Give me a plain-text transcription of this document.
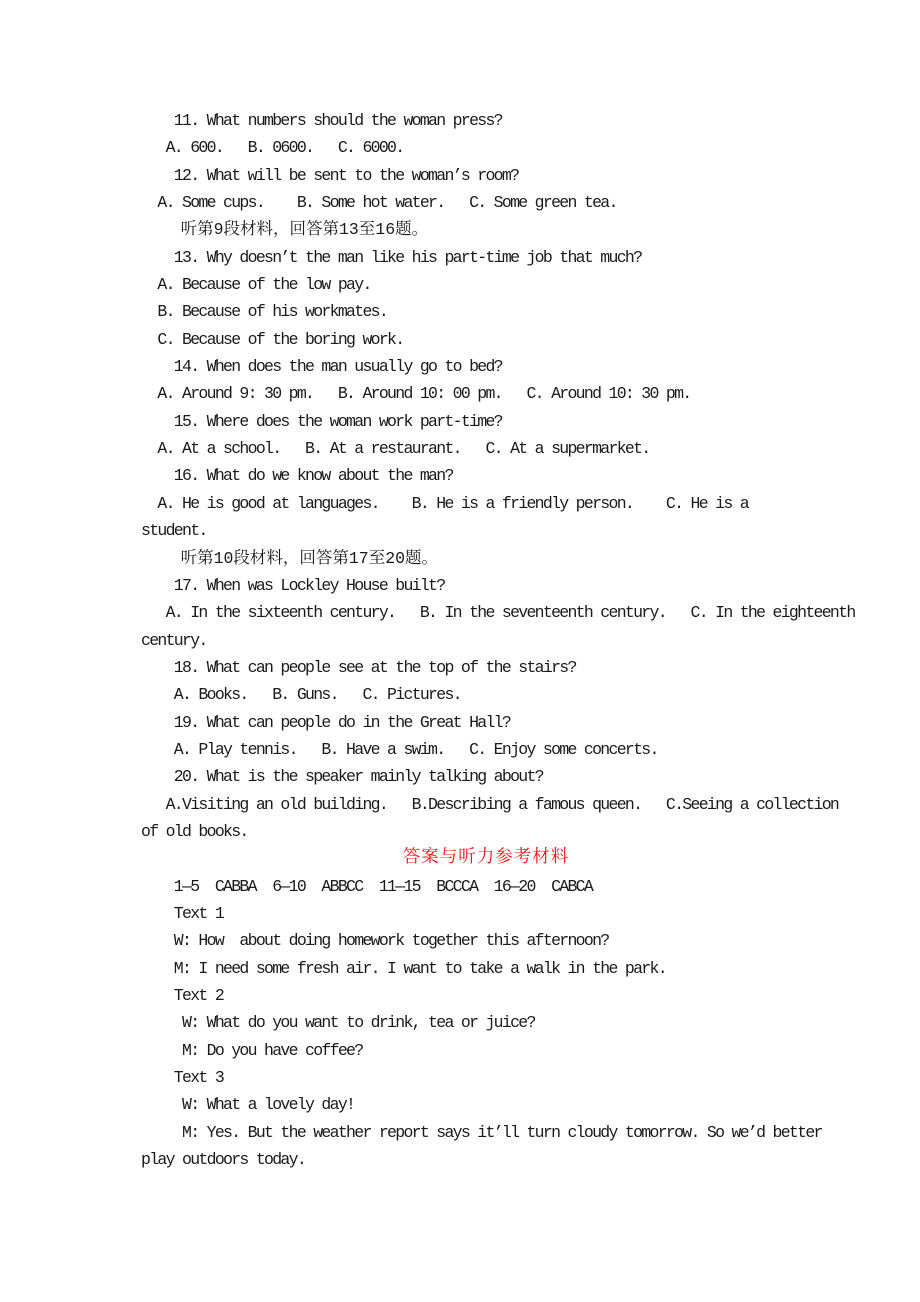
11. What numbers should the woman press?
A. 600.   B. 0600.   C. 6000.
12. What will be sent to the woman’s room?
A. Some cups.    B. Some hot water.   C. Some green tea.
听第9段材料，回答第13至16题。
13. Why doesn’t the man like his part-time job that much?
A. Because of the low pay.
B. Because of his workmates.
C. Because of the boring work.
14. When does the man usually go to bed?
A. Around 9: 30 pm.   B. Around 10: 00 pm.   C. Around 10: 30 pm.
15. Where does the woman work part-time?
A. At a school.   B. At a restaurant.   C. At a supermarket.
16. What do we know about the man?
A. He is good at languages.    B. He is a friendly person.    C. He is a
student.
听第10段材料，回答第17至20题。
17. When was Lockley House built?
A. In the sixteenth century.   B. In the seventeenth century.   C. In the eighteenth
century.
18. What can people see at the top of the stairs?
A. Books.   B. Guns.   C. Pictures.
19. What can people do in the Great Hall?
A. Play tennis.   B. Have a swim.   C. Enjoy some concerts.
20. What is the speaker mainly talking about?
A.Visiting an old building.   B.Describing a famous queen.   C.Seeing a collection
of old books.
答案与听力参考材料
1—5  CABBA  6—10  ABBCC  11—15  BCCCA  16—20  CABCA
Text 1
W: How  about doing homework together this afternoon?
M: I need some fresh air. I want to take a walk in the park.
Text 2
W: What do you want to drink, tea or juice?
M: Do you have coffee?
Text 3
W: What a lovely day!
M: Yes. But the weather report says it’ll turn cloudy tomorrow. So we’d better
play outdoors today.
